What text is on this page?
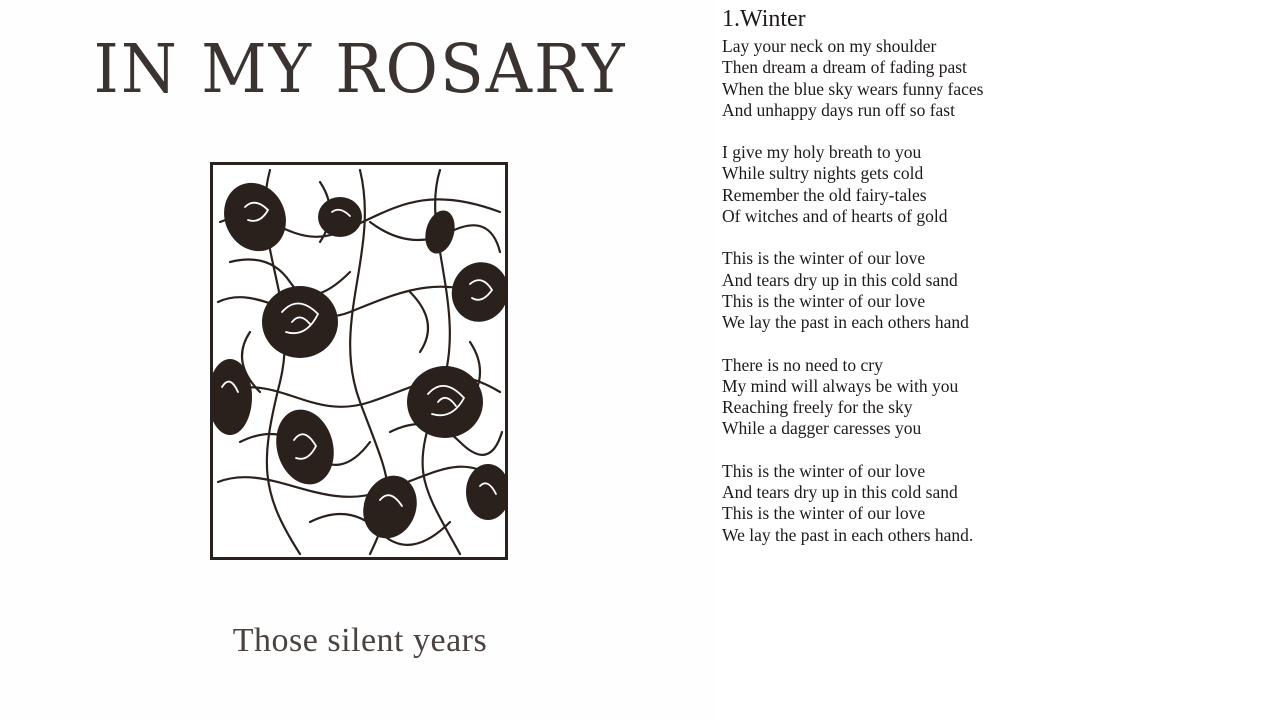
IN MY ROSARY
Those silent years
1.Winter
Lay your neck on my shoulder
Then dream a dream of fading past
When the blue sky wears funny faces
And unhappy days run off so fast
I give my holy breath to you
While sultry nights gets cold
Remember the old fairy-tales
Of witches and of hearts of gold
This is the winter of our love
And tears dry up in this cold sand
This is the winter of our love
We lay the past in each others hand
There is no need to cry
My mind will always be with you
Reaching freely for the sky
While a dagger caresses you
This is the winter of our love
And tears dry up in this cold sand
This is the winter of our love
We lay the past in each others hand.
